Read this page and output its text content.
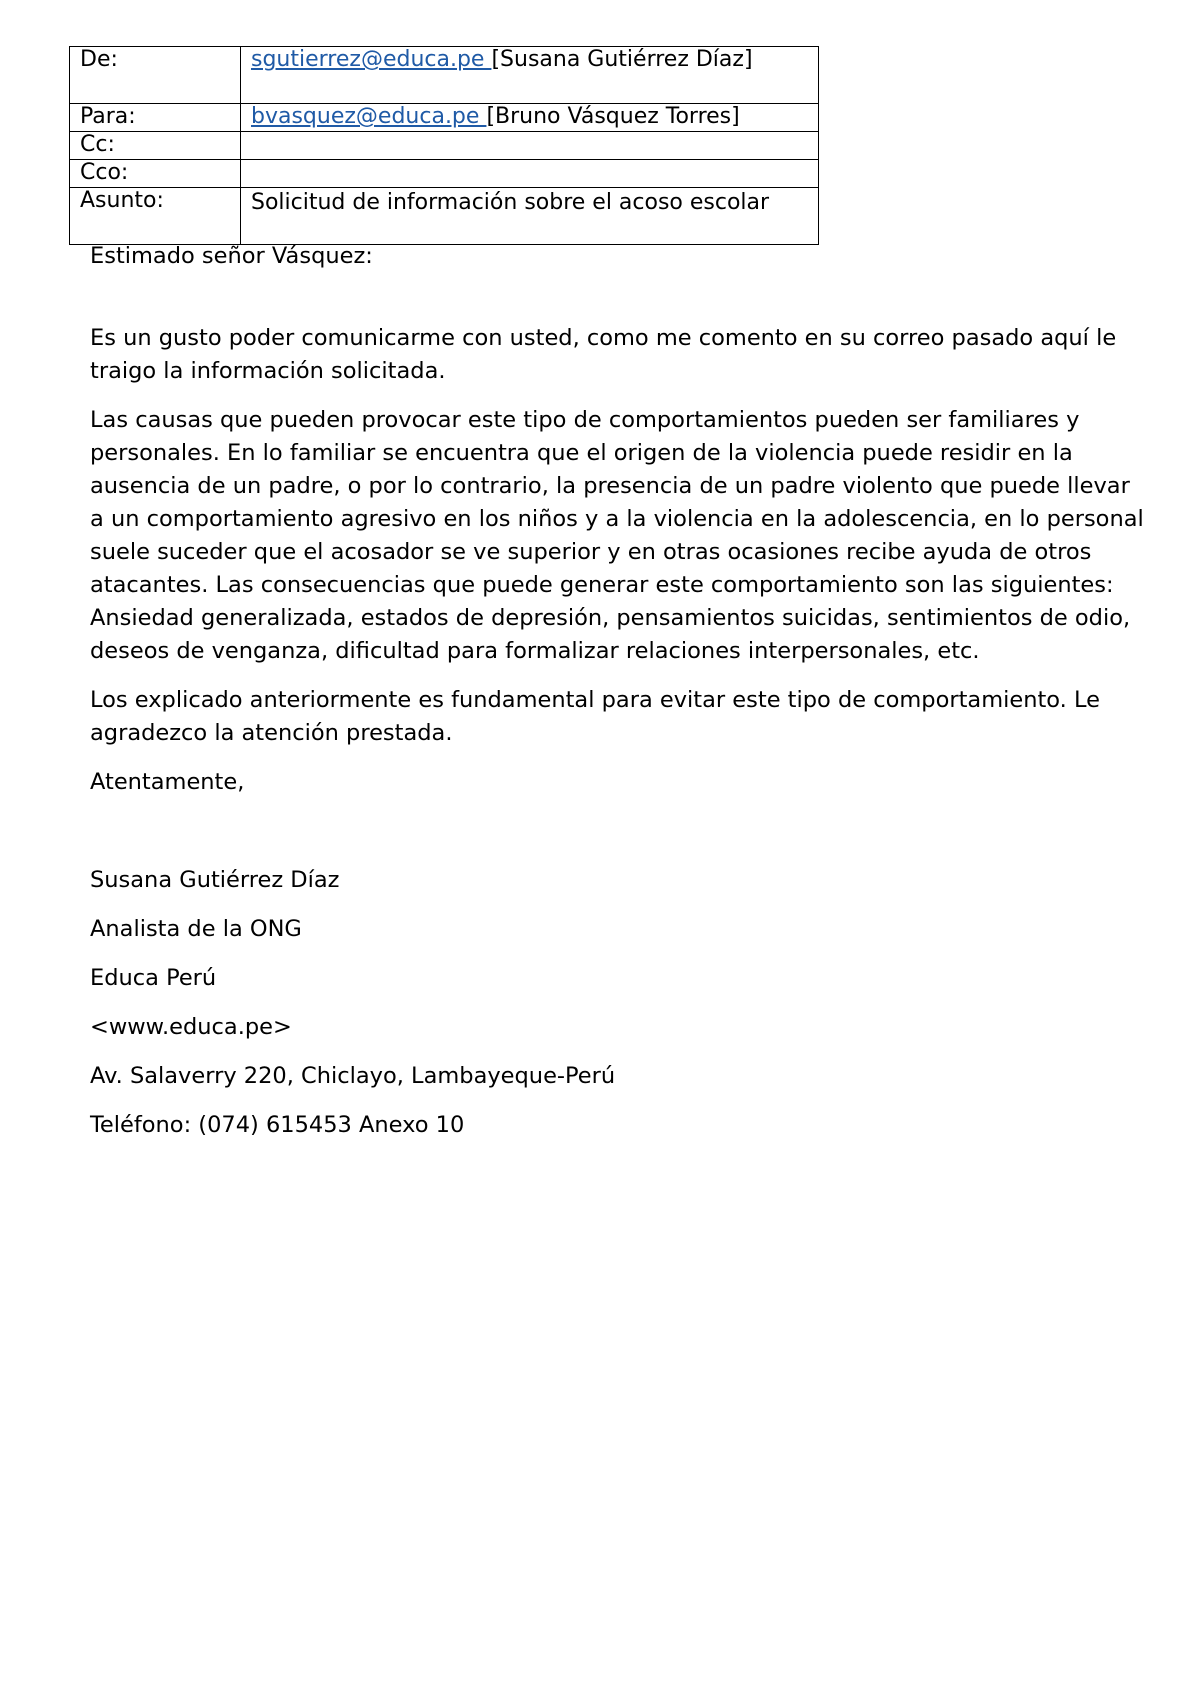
De:	sgutierrez@educa.pe [Susana Gutiérrez Díaz]
Para:	bvasquez@educa.pe [Bruno Vásquez Torres]
Cc:	
Cco:	
Asunto:	Solicitud de información sobre el acoso escolar

Estimado señor Vásquez:

Es un gusto poder comunicarme con usted, como me comento en su correo pasado aquí le traigo la información solicitada.

Las causas que pueden provocar este tipo de comportamientos pueden ser familiares y personales. En lo familiar se encuentra que el origen de la violencia puede residir en la ausencia de un padre, o por lo contrario, la presencia de un padre violento que puede llevar a un comportamiento agresivo en los niños y a la violencia en la adolescencia, en lo personal suele suceder que el acosador se ve superior y en otras ocasiones recibe ayuda de otros atacantes. Las consecuencias que puede generar este comportamiento son las siguientes: Ansiedad generalizada, estados de depresión, pensamientos suicidas, sentimientos de odio, deseos de venganza, dificultad para formalizar relaciones interpersonales, etc.

Los explicado anteriormente es fundamental para evitar este tipo de comportamiento. Le agradezco la atención prestada.

Atentamente,

Susana Gutiérrez Díaz

Analista de la ONG

Educa Perú

<www.educa.pe>

Av. Salaverry 220, Chiclayo, Lambayeque-Perú

Teléfono: (074) 615453 Anexo 10
